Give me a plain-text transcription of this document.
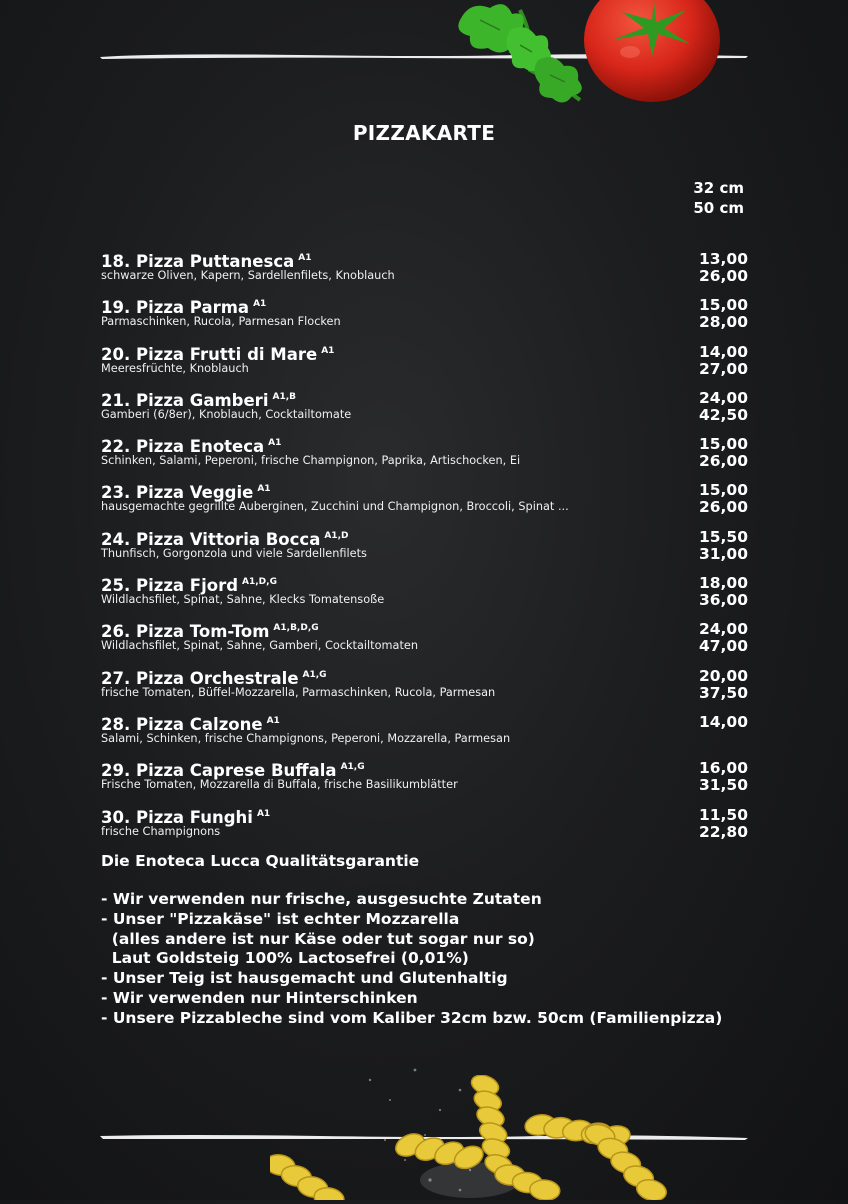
PIZZAKARTE
32 cm
50 cm
18. Pizza Puttanesca $^{A1}$
schwarze Oliven, Kapern, Sardellenfilets, Knoblauch
13,00
26,00
19. Pizza Parma $^{A1}$
Parmaschinken, Rucola, Parmesan Flocken
15,00
28,00
20. Pizza Frutti di Mare $^{A1}$
Meeresfrüchte, Knoblauch
14,00
27,00
21. Pizza Gamberi $^{A1,B}$
Gamberi (6/8er), Knoblauch, Cocktailtomate
24,00
42,50
22. Pizza Enoteca $^{A1}$
Schinken, Salami, Peperoni, frische Champignon, Paprika, Artischocken, Ei
15,00
26,00
23. Pizza Veggie $^{A1}$
hausgemachte gegrillte Auberginen, Zucchini und Champignon, Broccoli, Spinat ...
15,00
26,00
24. Pizza Vittoria Bocca $^{A1,D}$
Thunfisch, Gorgonzola und viele Sardellenfilets
15,50
31,00
25. Pizza Fjord $^{A1,D,G}$
Wildlachsfilet, Spinat, Sahne, Klecks Tomatensoße
18,00
36,00
26. Pizza Tom-Tom $^{A1,B,D,G}$
Wildlachsfilet, Spinat, Sahne, Gamberi, Cocktailtomaten
24,00
47,00
27. Pizza Orchestrale $^{A1,G}$
frische Tomaten, Büffel-Mozzarella, Parmaschinken, Rucola, Parmesan
20,00
37,50
28. Pizza Calzone $^{A1}$
Salami, Schinken, frische Champignons, Peperoni, Mozzarella, Parmesan
14,00
29. Pizza Caprese Buffala $^{A1,G}$
Frische Tomaten, Mozzarella di Buffala, frische Basilikumblätter
16,00
31,50
30. Pizza Funghi $^{A1}$
frische Champignons
11,50
22,80
Die Enoteca Lucca Qualitätsgarantie
- Wir verwenden nur frische, ausgesuchte Zutaten
- Unser "Pizzakäse" ist echter Mozzarella
(alles andere ist nur Käse oder tut sogar nur so)
Laut Goldsteig 100% Lactosefrei (0,01%)
- Unser Teig ist hausgemacht und Glutenhaltig
- Wir verwenden nur Hinterschinken
- Unsere Pizzableche sind vom Kaliber 32cm bzw. 50cm (Familienpizza)
